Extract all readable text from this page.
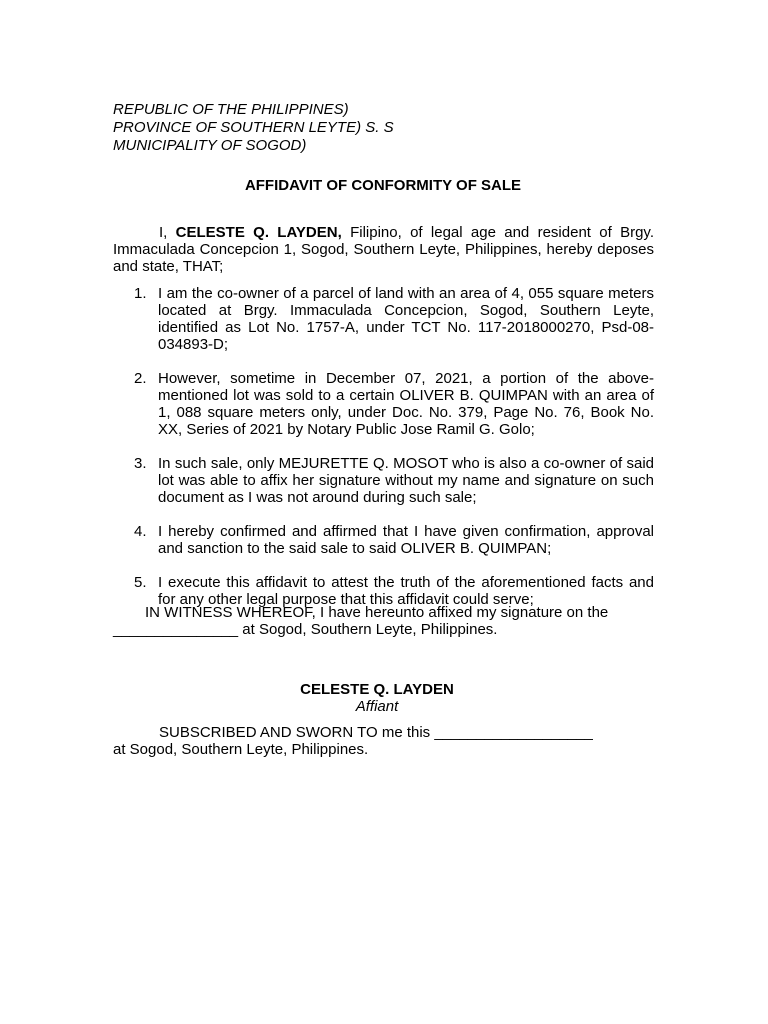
REPUBLIC OF THE PHILIPPINES)
PROVINCE OF SOUTHERN LEYTE) S. S
MUNICIPALITY OF SOGOD)
AFFIDAVIT OF CONFORMITY OF SALE
I, CELESTE Q. LAYDEN, Filipino, of legal age and resident of Brgy. Immaculada Concepcion 1, Sogod, Southern Leyte, Philippines, hereby deposes and state, THAT;
1. I am the co-owner of a parcel of land with an area of 4, 055 square meters located at Brgy. Immaculada Concepcion, Sogod, Southern Leyte, identified as Lot No. 1757-A, under TCT No. 117-2018000270, Psd-08-034893-D;
2. However, sometime in December 07, 2021, a portion of the above-mentioned lot was sold to a certain OLIVER B. QUIMPAN with an area of 1, 088 square meters only, under Doc. No. 379, Page No. 76, Book No. XX, Series of 2021 by Notary Public Jose Ramil G. Golo;
3. In such sale, only MEJURETTE Q. MOSOT who is also a co-owner of said lot was able to affix her signature without my name and signature on such document as I was not around during such sale;
4. I hereby confirmed and affirmed that I have given confirmation, approval and sanction to the said sale to said OLIVER B. QUIMPAN;
5. I execute this affidavit to attest the truth of the aforementioned facts and for any other legal purpose that this affidavit could serve;
IN WITNESS WHEREOF, I have hereunto affixed my signature on the
_______________ at Sogod, Southern Leyte, Philippines.
CELESTE Q. LAYDEN
Affiant
SUBSCRIBED AND SWORN TO me this ___________________
at Sogod, Southern Leyte, Philippines.
